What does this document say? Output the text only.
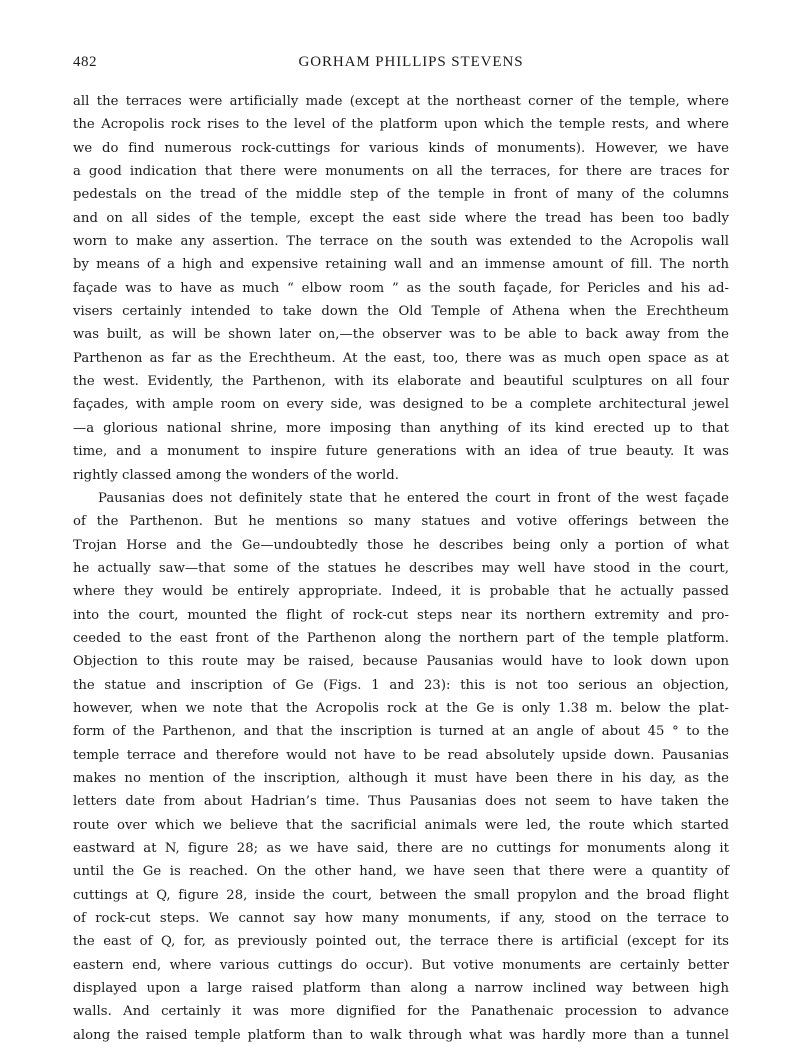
482	GORHAM PHILLIPS STEVENS
all the terraces were artificially made (except at the northeast corner of the temple, where
the Acropolis rock rises to the level of the platform upon which the temple rests, and where
we do find numerous rock-cuttings for various kinds of monuments). However, we have
a good indication that there were monuments on all the terraces, for there are traces for
pedestals on the tread of the middle step of the temple in front of many of the columns
and on all sides of the temple, except the east side where the tread has been too badly
worn to make any assertion. The terrace on the south was extended to the Acropolis wall
by means of a high and expensive retaining wall and an immense amount of fill. The north
façade was to have as much “ elbow room ” as the south façade, for Pericles and his ad-
visers certainly intended to take down the Old Temple of Athena when the Erechtheum
was built, as will be shown later on,—the observer was to be able to back away from the
Parthenon as far as the Erechtheum. At the east, too, there was as much open space as at
the west. Evidently, the Parthenon, with its elaborate and beautiful sculptures on all four
façades, with ample room on every side, was designed to be a complete architectural jewel
—a glorious national shrine, more imposing than anything of its kind erected up to that
time, and a monument to inspire future generations with an idea of true beauty. It was
rightly classed among the wonders of the world.
Pausanias does not definitely state that he entered the court in front of the west façade
of the Parthenon. But he mentions so many statues and votive offerings between the
Trojan Horse and the Ge—undoubtedly those he describes being only a portion of what
he actually saw—that some of the statues he describes may well have stood in the court,
where they would be entirely appropriate. Indeed, it is probable that he actually passed
into the court, mounted the flight of rock-cut steps near its northern extremity and pro-
ceeded to the east front of the Parthenon along the northern part of the temple platform.
Objection to this route may be raised, because Pausanias would have to look down upon
the statue and inscription of Ge (Figs. 1 and 23): this is not too serious an objection,
however, when we note that the Acropolis rock at the Ge is only 1.38 m. below the plat-
form of the Parthenon, and that the inscription is turned at an angle of about 45 ° to the
temple terrace and therefore would not have to be read absolutely upside down. Pausanias
makes no mention of the inscription, although it must have been there in his day, as the
letters date from about Hadrian’s time. Thus Pausanias does not seem to have taken the
route over which we believe that the sacrificial animals were led, the route which started
eastward at N, figure 28; as we have said, there are no cuttings for monuments along it
until the Ge is reached. On the other hand, we have seen that there were a quantity of
cuttings at Q, figure 28, inside the court, between the small propylon and the broad flight
of rock-cut steps. We cannot say how many monuments, if any, stood on the terrace to
the east of Q, for, as previously pointed out, the terrace there is artificial (except for its
eastern end, where various cuttings do occur). But votive monuments are certainly better
displayed upon a large raised platform than along a narrow inclined way between high
walls. And certainly it was more dignified for the Panathenaic procession to advance
along the raised temple platform than to walk through what was hardly more than a tunnel
